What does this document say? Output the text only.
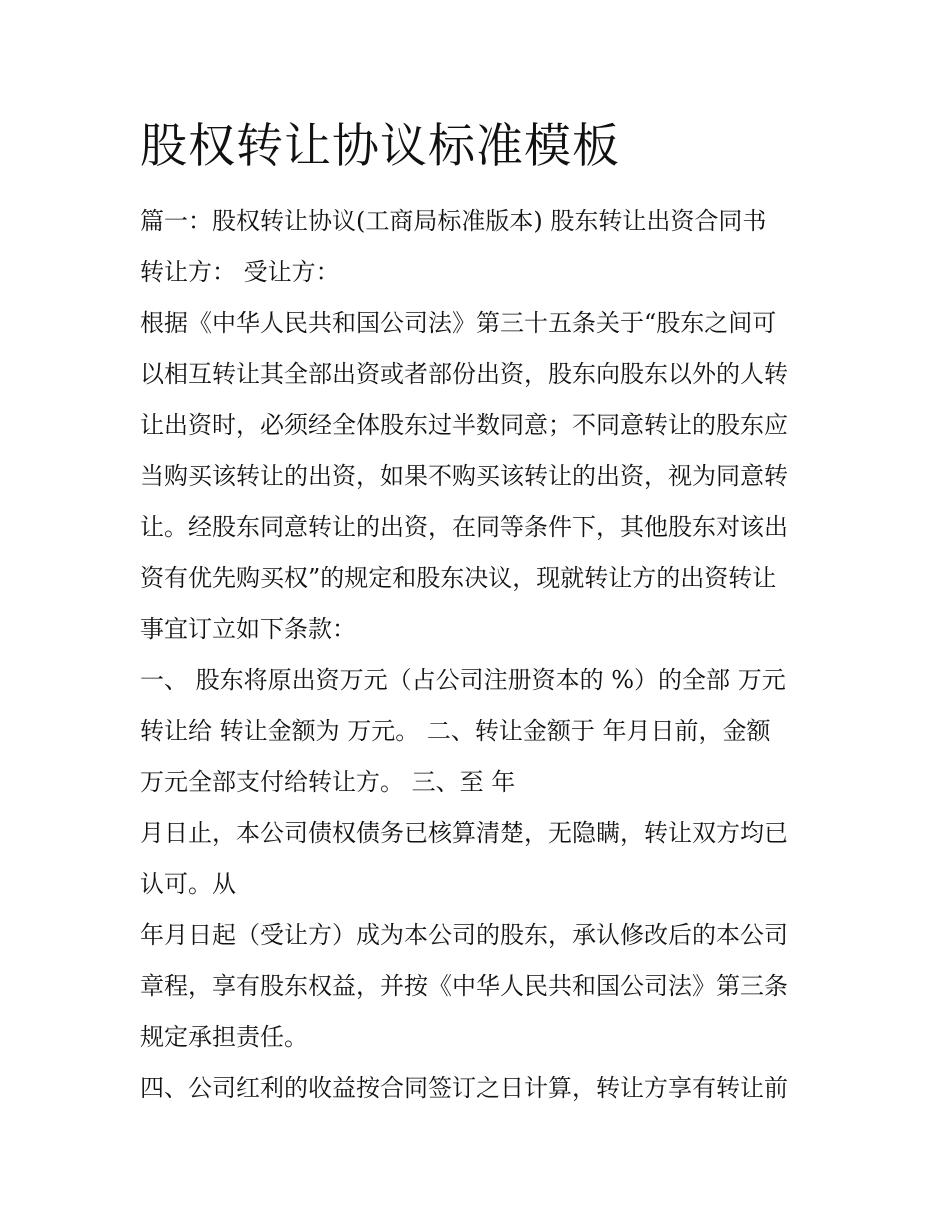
股权转让协议标准模板
篇一：股权转让协议(工商局标准版本) 股东转让出资合同书
转让方： 受让方：
根据《中华人民共和国公司法》第三十五条关于“股东之间可
以相互转让其全部出资或者部份出资，股东向股东以外的人转
让出资时，必须经全体股东过半数同意；不同意转让的股东应
当购买该转让的出资，如果不购买该转让的出资，视为同意转
让。经股东同意转让的出资，在同等条件下，其他股东对该出
资有优先购买权”的规定和股东决议，现就转让方的出资转让
事宜订立如下条款：
一、 股东将原出资万元（占公司注册资本的 %）的全部 万元
转让给 转让金额为 万元。 二、转让金额于 年月日前，金额
万元全部支付给转让方。 三、至 年
月日止，本公司债权债务已核算清楚，无隐瞒，转让双方均已
认可。从
年月日起（受让方）成为本公司的股东，承认修改后的本公司
章程，享有股东权益，并按《中华人民共和国公司法》第三条
规定承担责任。
四、公司红利的收益按合同签订之日计算，转让方享有转让前
